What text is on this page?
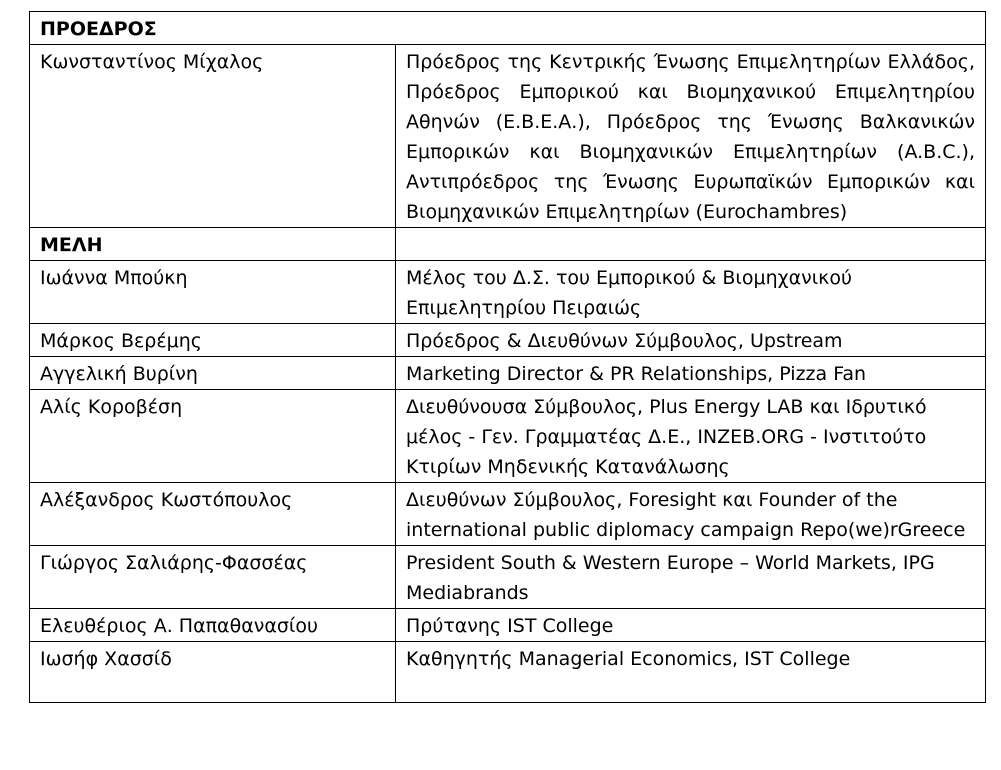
ΠΡΟΕΔΡΟΣ	
Κωνσταντίνος Μίχαλος	Πρόεδρος της Κεντρικής Ένωσης Επιμελητηρίων Ελλάδος, Πρόεδρος Εμπορικού και Βιομηχανικού Επιμελητηρίου Αθηνών (Ε.Β.Ε.Α.), Πρόεδρος της Ένωσης Βαλκανικών Εμπορικών και Βιομηχανικών Επιμελητηρίων (A.B.C.), Αντιπρόεδρος της Ένωσης Ευρωπαϊκών Εμπορικών και Βιομηχανικών Επιμελητηρίων (Eurochambres)
ΜΕΛΗ	
Ιωάννα Μπούκη	Μέλος του Δ.Σ. του Εμπορικού & Βιομηχανικού Επιμελητηρίου Πειραιώς
Μάρκος Βερέμης	Πρόεδρος & Διευθύνων Σύμβουλος, Upstream
Αγγελική Βυρίνη	Marketing Director & PR Relationships, Pizza Fan
Αλίς Κοροβέση	Διευθύνουσα Σύμβουλος, Plus Energy LAB και Ιδρυτικό μέλος - Γεν. Γραμματέας Δ.Ε., INZEB.ORG - Ινστιτούτο Κτιρίων Μηδενικής Κατανάλωσης
Αλέξανδρος Κωστόπουλος	Διευθύνων Σύμβουλος, Foresight και Founder of the international public diplomacy campaign Repo(we)rGreece
Γιώργος Σαλιάρης-Φασσέας	President South & Western Europe – World Markets, IPG Mediabrands
Ελευθέριος Α. Παπαθανασίου	Πρύτανης IST College
Ιωσήφ Χασσίδ	Καθηγητής Managerial Economics, IST College
